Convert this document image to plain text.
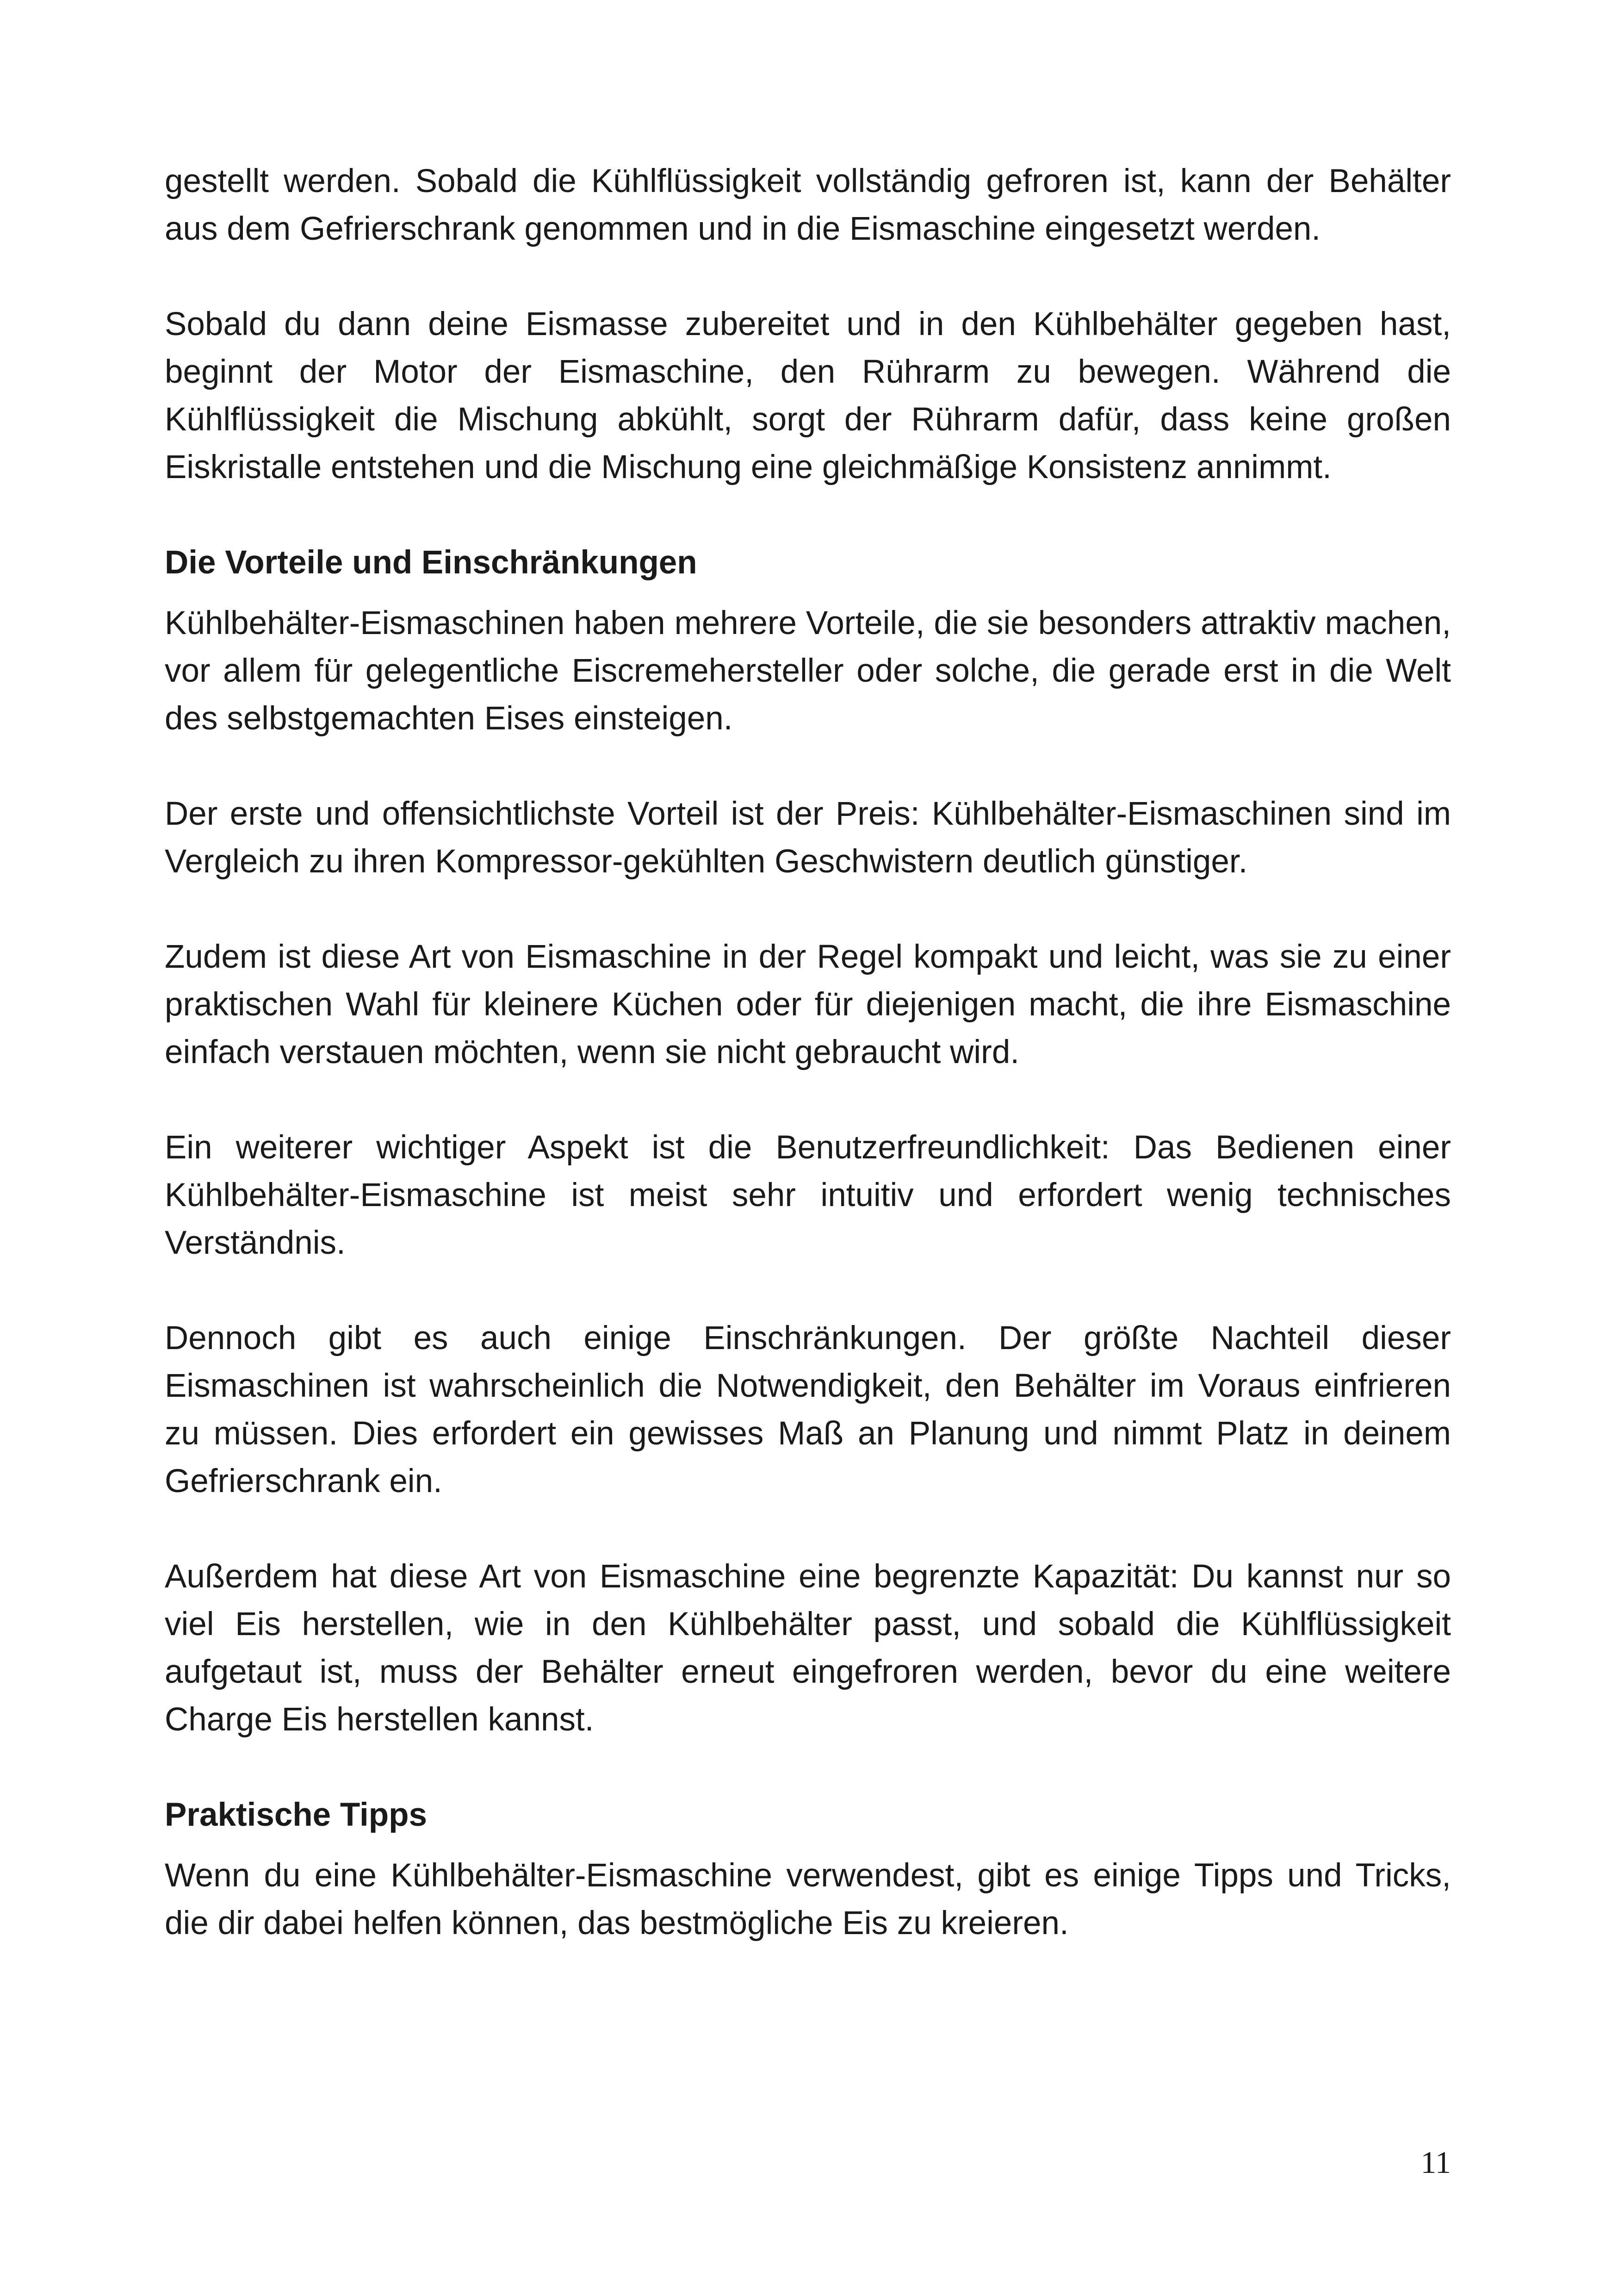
gestellt werden. Sobald die Kühlflüssigkeit vollständig gefroren ist, kann der Behälter aus dem Gefrierschrank genommen und in die Eismaschine eingesetzt werden.

Sobald du dann deine Eismasse zubereitet und in den Kühlbehälter gegeben hast, beginnt der Motor der Eismaschine, den Rührarm zu bewegen. Während die Kühlflüssigkeit die Mischung abkühlt, sorgt der Rührarm dafür, dass keine großen Eiskristalle entstehen und die Mischung eine gleichmäßige Konsistenz annimmt.

Die Vorteile und Einschränkungen

Kühlbehälter-Eismaschinen haben mehrere Vorteile, die sie besonders attraktiv machen, vor allem für gelegentliche Eiscremehersteller oder solche, die gerade erst in die Welt des selbstgemachten Eises einsteigen.

Der erste und offensichtlichste Vorteil ist der Preis: Kühlbehälter-Eismaschinen sind im Vergleich zu ihren Kompressor-gekühlten Geschwistern deutlich günstiger.

Zudem ist diese Art von Eismaschine in der Regel kompakt und leicht, was sie zu einer praktischen Wahl für kleinere Küchen oder für diejenigen macht, die ihre Eismaschine einfach verstauen möchten, wenn sie nicht gebraucht wird.

Ein weiterer wichtiger Aspekt ist die Benutzerfreundlichkeit: Das Bedienen einer Kühlbehälter-Eismaschine ist meist sehr intuitiv und erfordert wenig technisches Verständnis.

Dennoch gibt es auch einige Einschränkungen. Der größte Nachteil dieser Eismaschinen ist wahrscheinlich die Notwendigkeit, den Behälter im Voraus einfrieren zu müssen. Dies erfordert ein gewisses Maß an Planung und nimmt Platz in deinem Gefrierschrank ein.

Außerdem hat diese Art von Eismaschine eine begrenzte Kapazität: Du kannst nur so viel Eis herstellen, wie in den Kühlbehälter passt, und sobald die Kühlflüssigkeit aufgetaut ist, muss der Behälter erneut eingefroren werden, bevor du eine weitere Charge Eis herstellen kannst.

Praktische Tipps

Wenn du eine Kühlbehälter-Eismaschine verwendest, gibt es einige Tipps und Tricks, die dir dabei helfen können, das bestmögliche Eis zu kreieren.

11
